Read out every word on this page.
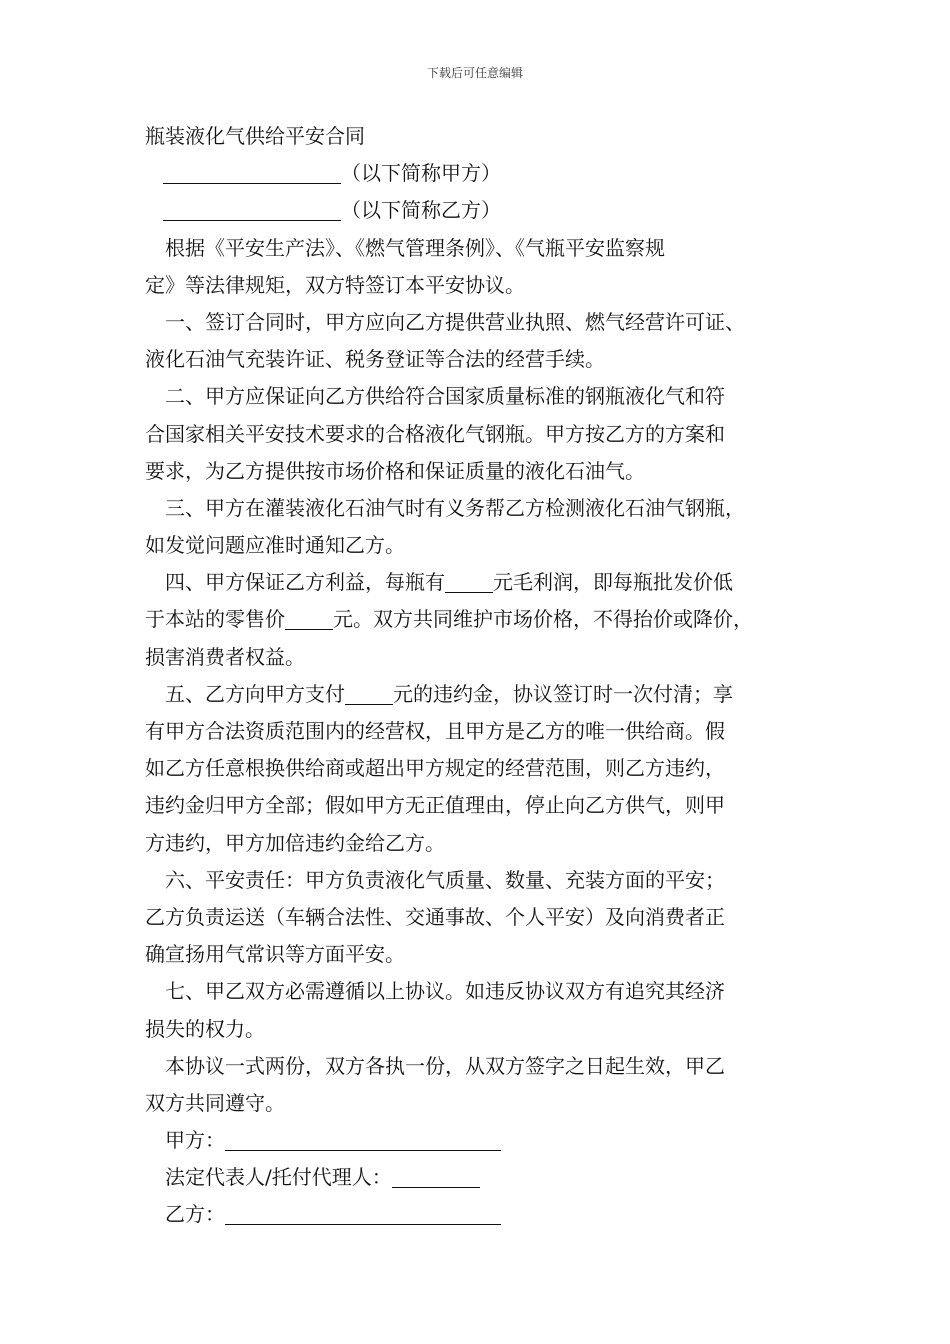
下载后可任意编辑
瓶装液化气供给平安合同
（以下简称甲方）
（以下简称乙方）
根据《平安生产法》、《燃气管理条例》、《气瓶平安监察规
定》等法律规矩，双方特签订本平安协议。
一、签订合同时，甲方应向乙方提供营业执照、燃气经营许可证、
液化石油气充装许证、税务登证等合法的经营手续。
二、甲方应保证向乙方供给符合国家质量标准的钢瓶液化气和符
合国家相关平安技术要求的合格液化气钢瓶。甲方按乙方的方案和
要求，为乙方提供按市场价格和保证质量的液化石油气。
三、甲方在灌装液化石油气时有义务帮乙方检测液化石油气钢瓶，
如发觉问题应准时通知乙方。
四、甲方保证乙方利益，每瓶有 元毛利润，即每瓶批发价低
于本站的零售价 元。双方共同维护市场价格，不得抬价或降价，
损害消费者权益。
五、乙方向甲方支付 元的违约金，协议签订时一次付清；享
有甲方合法资质范围内的经营权，且甲方是乙方的唯一供给商。假
如乙方任意根换供给商或超出甲方规定的经营范围，则乙方违约，
违约金归甲方全部；假如甲方无正值理由，停止向乙方供气，则甲
方违约，甲方加倍违约金给乙方。
六、平安责任：甲方负责液化气质量、数量、充装方面的平安；
乙方负责运送（车辆合法性、交通事故、个人平安）及向消费者正
确宣扬用气常识等方面平安。
七、甲乙双方必需遵循以上协议。如违反协议双方有追究其经济
损失的权力。
本协议一式两份，双方各执一份，从双方签字之日起生效，甲乙
双方共同遵守。
甲方：
法定代表人/托付代理人：
乙方：
